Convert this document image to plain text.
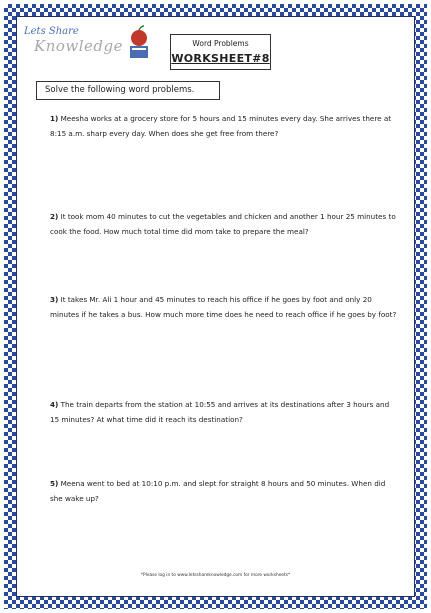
Lets Share
Knowledge	Word Problems
WORKSHEET#8
Solve the following word problems.
1) Meesha works at a grocery store for 5 hours and 15 minutes every day. She arrives there at 8:15 a.m. sharp every day. When does she get free from there?
2) It took mom 40 minutes to cut the vegetables and chicken and another 1 hour 25 minutes to cook the food. How much total time did mom take to prepare the meal?
3) It takes Mr. Ali 1 hour and 45 minutes to reach his office if he goes by foot and only 20 minutes if he takes a bus. How much more time does he need to reach office if he goes by foot?
4) The train departs from the station at 10:55 and arrives at its destinations after 3 hours and 15 minutes? At what time did it reach its destination?
5) Meena went to bed at 10:10 p.m. and slept for straight 8 hours and 50 minutes. When did she wake up?
*Please log in to www.letsshareknowledge.com for more worksheets*
